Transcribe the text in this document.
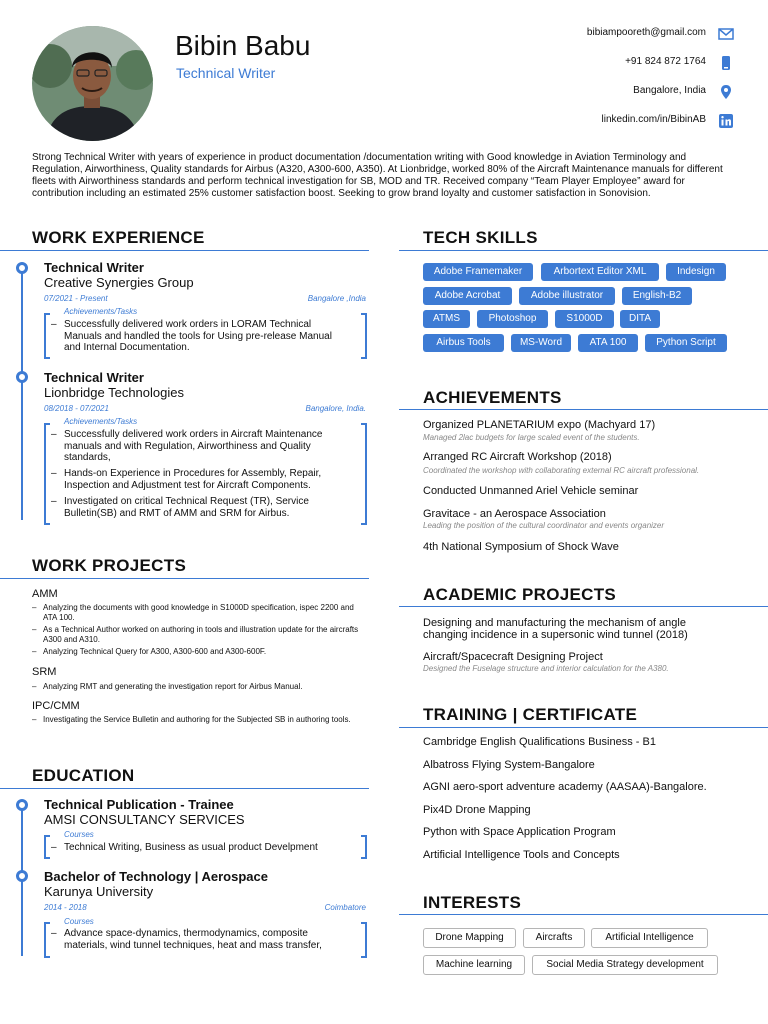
Bibin Babu
Technical Writer
bibiampooreth@gmail.com
+91 824 872 1764
Bangalore, India
linkedin.com/in/BibinAB
Strong Technical Writer with years of experience in product documentation /documentation writing with Good knowledge in Aviation Terminology and Regulation, Airworthiness, Quality standards for Airbus (A320, A300-600, A350). At Lionbridge, worked 80% of the Aircraft Maintenance manuals for different fleets with Airworthiness standards and perform technical investigation for SB, MOD and TR. Received company “Team Player Employee” award for contribution including an estimated 25% customer satisfaction boost. Seeking to grow brand loyalty and customer satisfaction in Sonovision.
WORK EXPERIENCE
Technical Writer
Creative Synergies Group
07/2021 - Present	Bangalore ,India
Achievements/Tasks
– Successfully delivered work orders in LORAM Technical Manuals and handled the tools for Using pre-release Manual and Internal Documentation.
Technical Writer
Lionbridge Technologies
08/2018 - 07/2021	Bangalore, India.
Achievements/Tasks
– Successfully delivered work orders in Aircraft Maintenance manuals and with Regulation, Airworthiness and Quality standards,
– Hands-on Experience in Procedures for Assembly, Repair, Inspection and Adjustment test for Aircraft Components.
– Investigated on critical Technical Request (TR), Service Bulletin(SB) and RMT of AMM and SRM for Airbus.
WORK PROJECTS
AMM
– Analyzing the documents with good knowledge in S1000D specification, ispec 2200 and ATA 100.
– As a Technical Author worked on authoring in tools and illustration update for the aircrafts A300 and A310.
– Analyzing Technical Query for A300, A300-600 and A300-600F.
SRM
– Analyzing RMT and generating the investigation report for Airbus Manual.
IPC/CMM
– Investigating the Service Bulletin and authoring for the Subjected SB in authoring tools.
EDUCATION
Technical Publication - Trainee
AMSI CONSULTANCY SERVICES
Courses
– Technical Writing, Business as usual product Develpment
Bachelor of Technology | Aerospace
Karunya University
2014 - 2018	Coimbatore
Courses
– Advance space-dynamics, thermodynamics, composite materials, wind tunnel techniques, heat and mass transfer,
TECH SKILLS
Adobe Framemaker	Arbortext Editor XML	Indesign
Adobe Acrobat	Adobe illustrator	English-B2
ATMS	Photoshop	S1000D	DITA
Airbus Tools	MS-Word	ATA 100	Python Script
ACHIEVEMENTS
Organized PLANETARIUM expo (Machyard 17)
Managed 2lac budgets for large scaled event of the students.
Arranged RC Aircraft Workshop (2018)
Coordinated the workshop with collaborating external RC aircraft professional.
Conducted Unmanned Ariel Vehicle seminar
Gravitace - an Aerospace Association
Leading the position of the cultural coordinator and events organizer
4th National Symposium of Shock Wave
ACADEMIC PROJECTS
Designing and manufacturing the mechanism of angle changing incidence in a supersonic wind tunnel (2018)
Aircraft/Spacecraft Designing Project
Designed the Fuselage structure and interior calculation for the A380.
TRAINING | CERTIFICATE
Cambridge English Qualifications Business - B1
Albatross Flying System-Bangalore
AGNI aero-sport adventure academy (AASAA)-Bangalore.
Pix4D Drone Mapping
Python with Space Application Program
Artificial Intelligence Tools and Concepts
INTERESTS
Drone Mapping	Aircrafts	Artificial Intelligence
Machine learning	Social Media Strategy development
